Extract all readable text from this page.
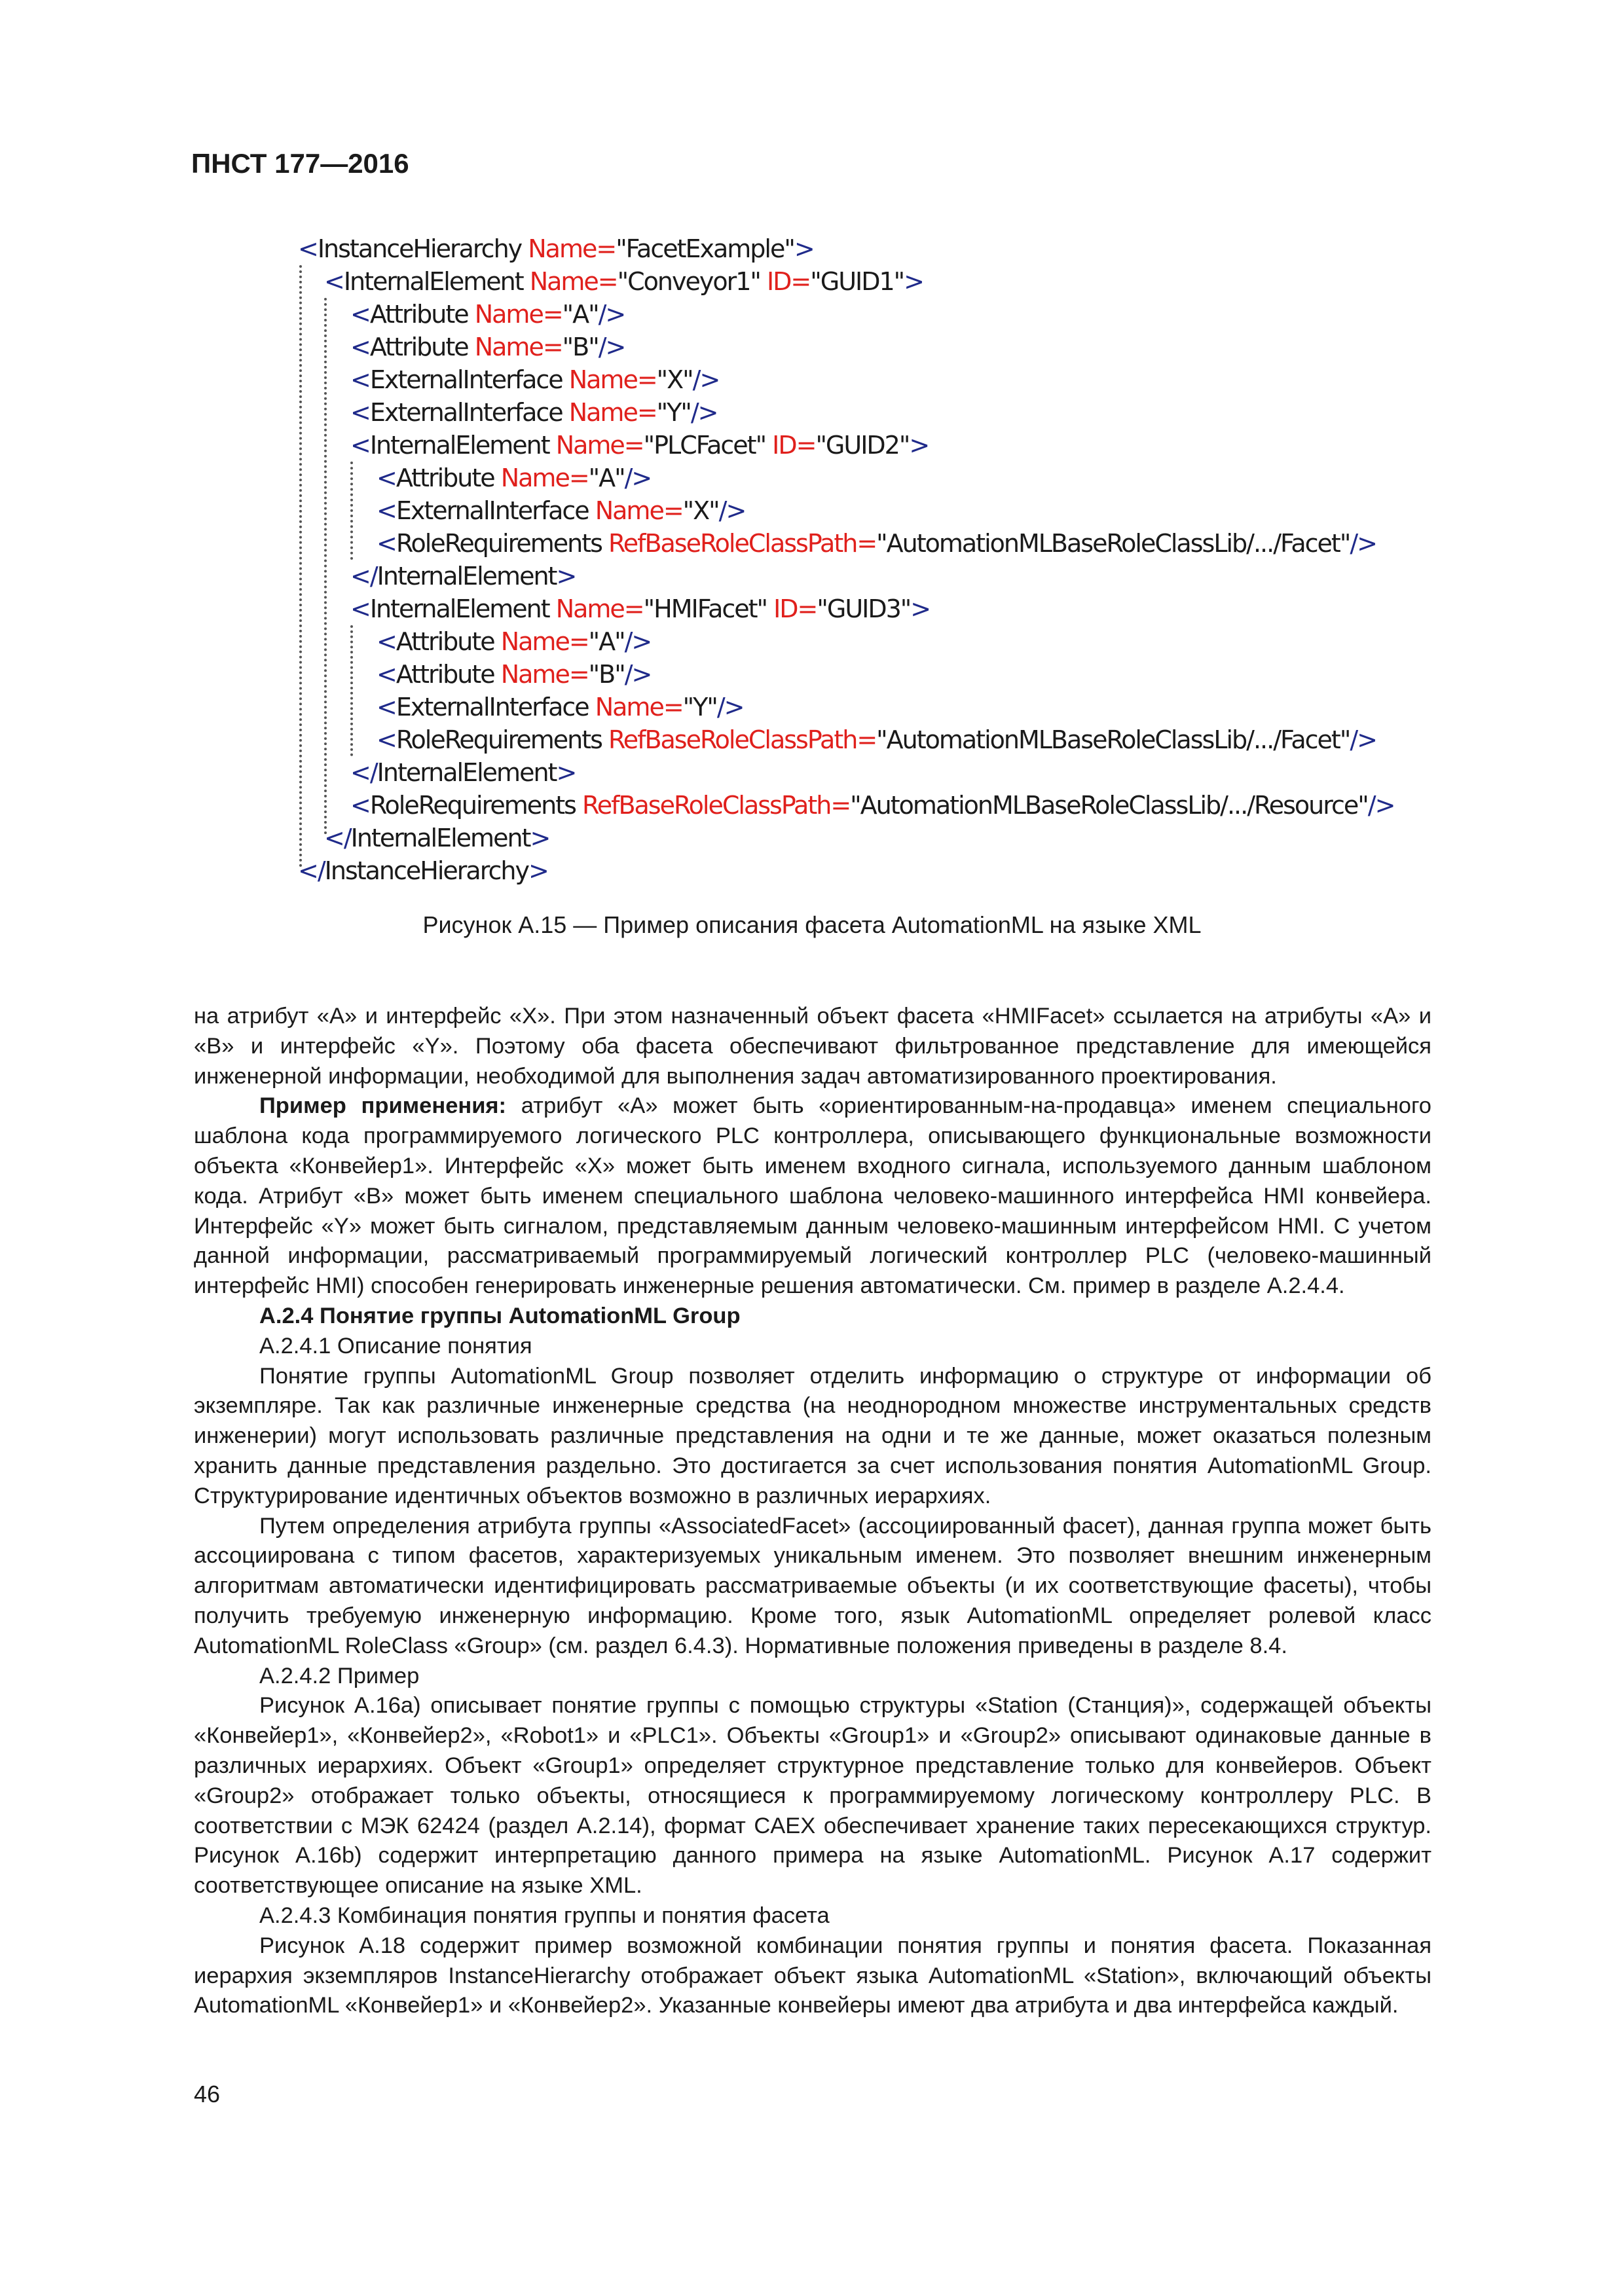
ПНСТ 177—2016
<InstanceHierarchy Name="FacetExample">
<InternalElement Name="Conveyor1" ID="GUID1">
<Attribute Name="A"/>
<Attribute Name="B"/>
<ExternalInterface Name="X"/>
<ExternalInterface Name="Y"/>
<InternalElement Name="PLCFacet" ID="GUID2">
<Attribute Name="A"/>
<ExternalInterface Name="X"/>
<RoleRequirements RefBaseRoleClassPath="AutomationMLBaseRoleClassLib/.../Facet"/>
</InternalElement>
<InternalElement Name="HMIFacet" ID="GUID3">
<Attribute Name="A"/>
<Attribute Name="B"/>
<ExternalInterface Name="Y"/>
<RoleRequirements RefBaseRoleClassPath="AutomationMLBaseRoleClassLib/.../Facet"/>
</InternalElement>
<RoleRequirements RefBaseRoleClassPath="AutomationMLBaseRoleClassLib/.../Resource"/>
</InternalElement>
</InstanceHierarchy>
Рисунок А.15 — Пример описания фасета AutomationML на языке XML
на атрибут «А» и интерфейс «Х». При этом назначенный объект фасета «HMIFacet» ссылается на атрибуты «А» и «В» и интерфейс «Y». Поэтому оба фасета обеспечивают фильтрованное представление для имеющейся инженерной информации, необходимой для выполнения задач автоматизированного проектирования.
Пример применения: атрибут «А» может быть «ориентированным-на-продавца» именем специального шаблона кода программируемого логического PLC контроллера, описывающего функциональные возможности объекта «Конвейер1». Интерфейс «Х» может быть именем входного сигнала, используемого данным шаблоном кода. Атрибут «В» может быть именем специального шаблона человеко-машинного интерфейса HMI конвейера. Интерфейс «Y» может быть сигналом, представляемым данным человеко-машинным интерфейсом HMI. С учетом данной информации, рассматриваемый программируемый логический контроллер PLC (человеко-машинный интерфейс HMI) способен генерировать инженерные решения автоматически. См. пример в разделе А.2.4.4.
А.2.4 Понятие группы AutomationML Group
А.2.4.1 Описание понятия
Понятие группы AutomationML Group позволяет отделить информацию о структуре от информации об экземпляре. Так как различные инженерные средства (на неоднородном множестве инструментальных средств инженерии) могут использовать различные представления на одни и те же данные, может оказаться полезным хранить данные представления раздельно. Это достигается за счет использования понятия AutomationML Group. Структурирование идентичных объектов возможно в различных иерархиях.
Путем определения атрибута группы «AssociatedFacet» (ассоциированный фасет), данная группа может быть ассоциирована с типом фасетов, характеризуемых уникальным именем. Это позволяет внешним инженерным алгоритмам автоматически идентифицировать рассматриваемые объекты (и их соответствующие фасеты), чтобы получить требуемую инженерную информацию. Кроме того, язык AutomationML определяет ролевой класс AutomationML RoleClass «Group» (см. раздел 6.4.3). Нормативные положения приведены в разделе 8.4.
А.2.4.2 Пример
Рисунок А.16а) описывает понятие группы с помощью структуры «Station (Станция)», содержащей объекты «Конвейер1», «Конвейер2», «Robot1» и «PLC1». Объекты «Group1» и «Group2» описывают одинаковые данные в различных иерархиях. Объект «Group1» определяет структурное представление только для конвейеров. Объект «Group2» отображает только объекты, относящиеся к программируемому логическому контроллеру PLC. В соответствии с МЭК 62424 (раздел А.2.14), формат CAEX обеспечивает хранение таких пересекающихся структур. Рисунок А.16b) содержит интерпретацию данного примера на языке AutomationML. Рисунок А.17 содержит соответствующее описание на языке XML.
А.2.4.3 Комбинация понятия группы и понятия фасета
Рисунок А.18 содержит пример возможной комбинации понятия группы и понятия фасета. Показанная иерархия экземпляров InstanceHierarchy отображает объект языка AutomationML «Station», включающий объекты AutomationML «Конвейер1» и «Конвейер2». Указанные конвейеры имеют два атрибута и два интерфейса каждый.
46
